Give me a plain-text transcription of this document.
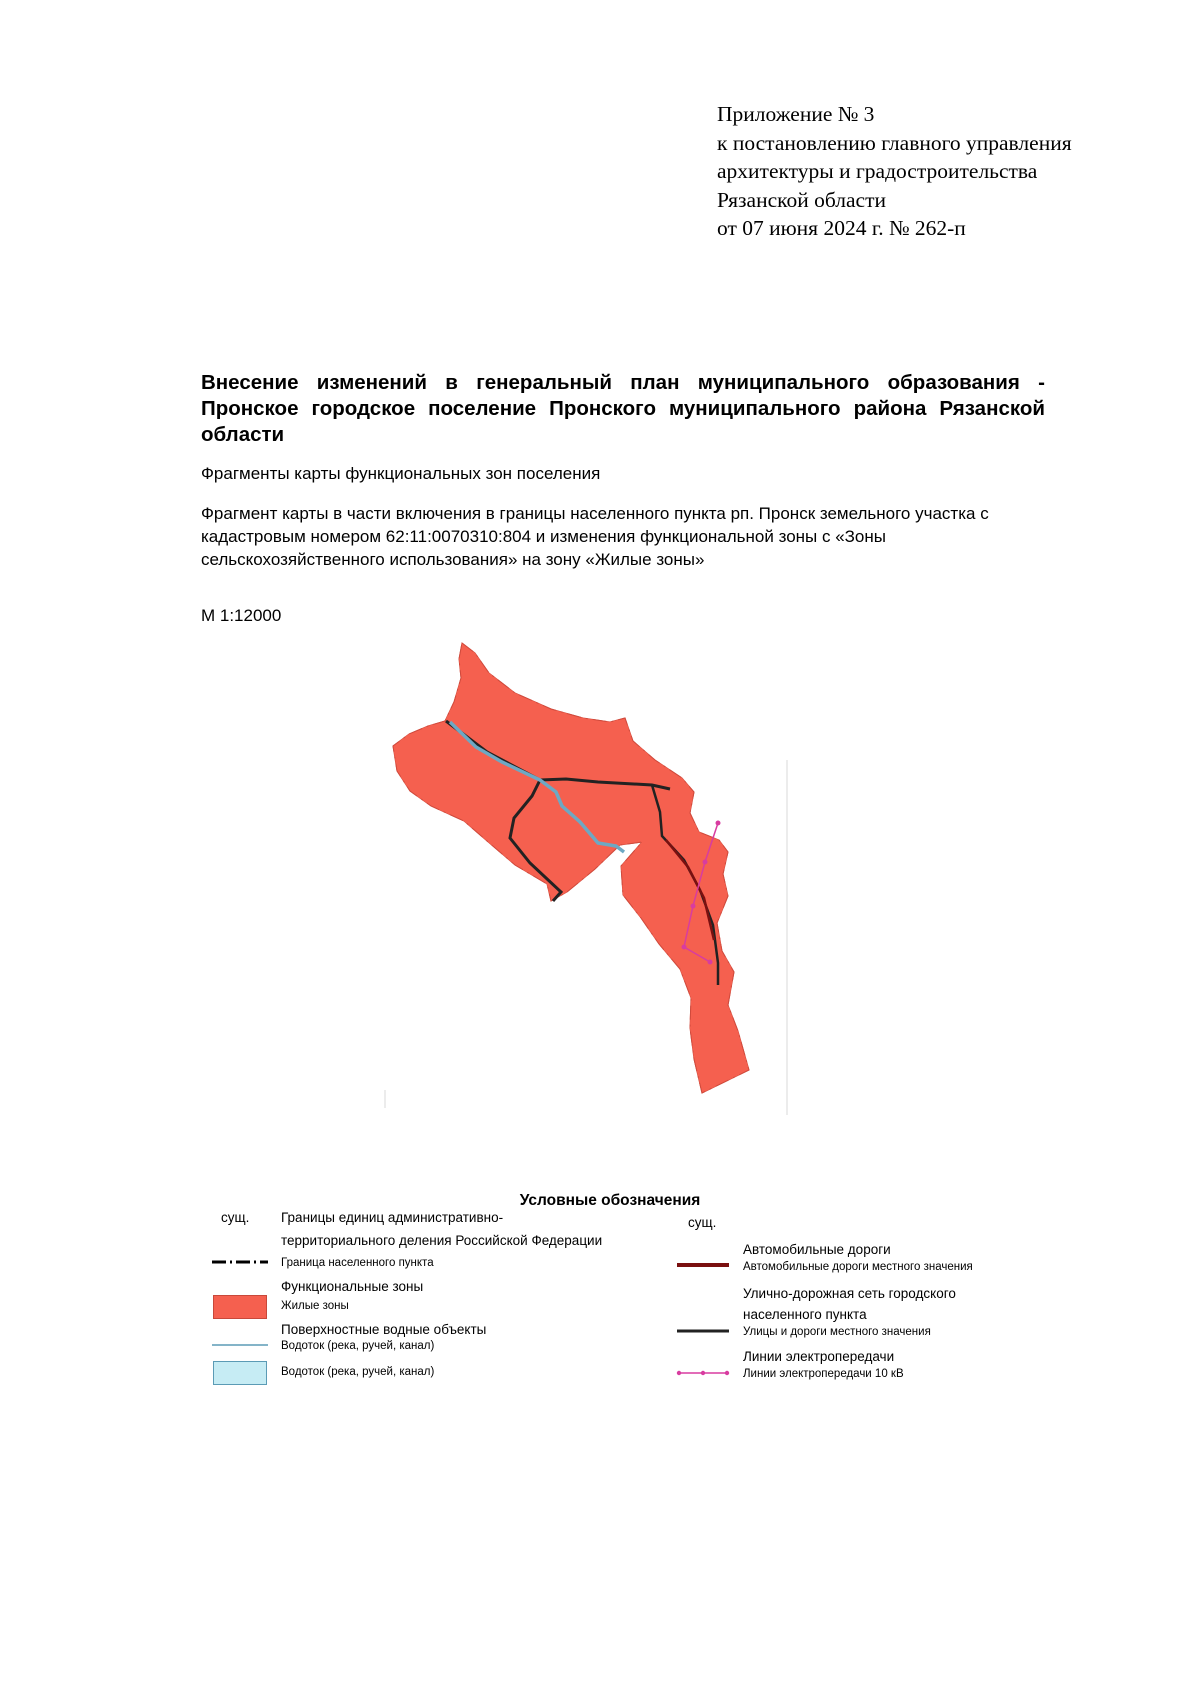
Приложение № 3
к постановлению главного управления
архитектуры и градостроительства
Рязанской области
от 07 июня 2024 г. № 262-п
Внесение изменений в генеральный план муниципального образования - Пронское городское поселение Пронского муниципального района Рязанской области
Фрагменты карты функциональных зон поселения
Фрагмент карты в части включения в границы населенного пункта рп. Пронск земельного участка с кадастровым номером 62:11:0070310:804 и изменения функциональной зоны с «Зоны сельскохозяйственного использования» на зону «Жилые зоны»
М 1:12000
Условные обозначения
сущ. Границы единиц административно-
территориального деления Российской Федерации
Граница населенного пункта
Функциональные зоны
Жилые зоны
Поверхностные водные объекты
Водоток (река, ручей, канал)
Водоток (река, ручей, канал)
сущ.
Автомобильные дороги
Автомобильные дороги местного значения
Улично-дорожная сеть городского
населенного пункта
Улицы и дороги местного значения
Линии электропередачи
Линии электропередачи 10 кВ
